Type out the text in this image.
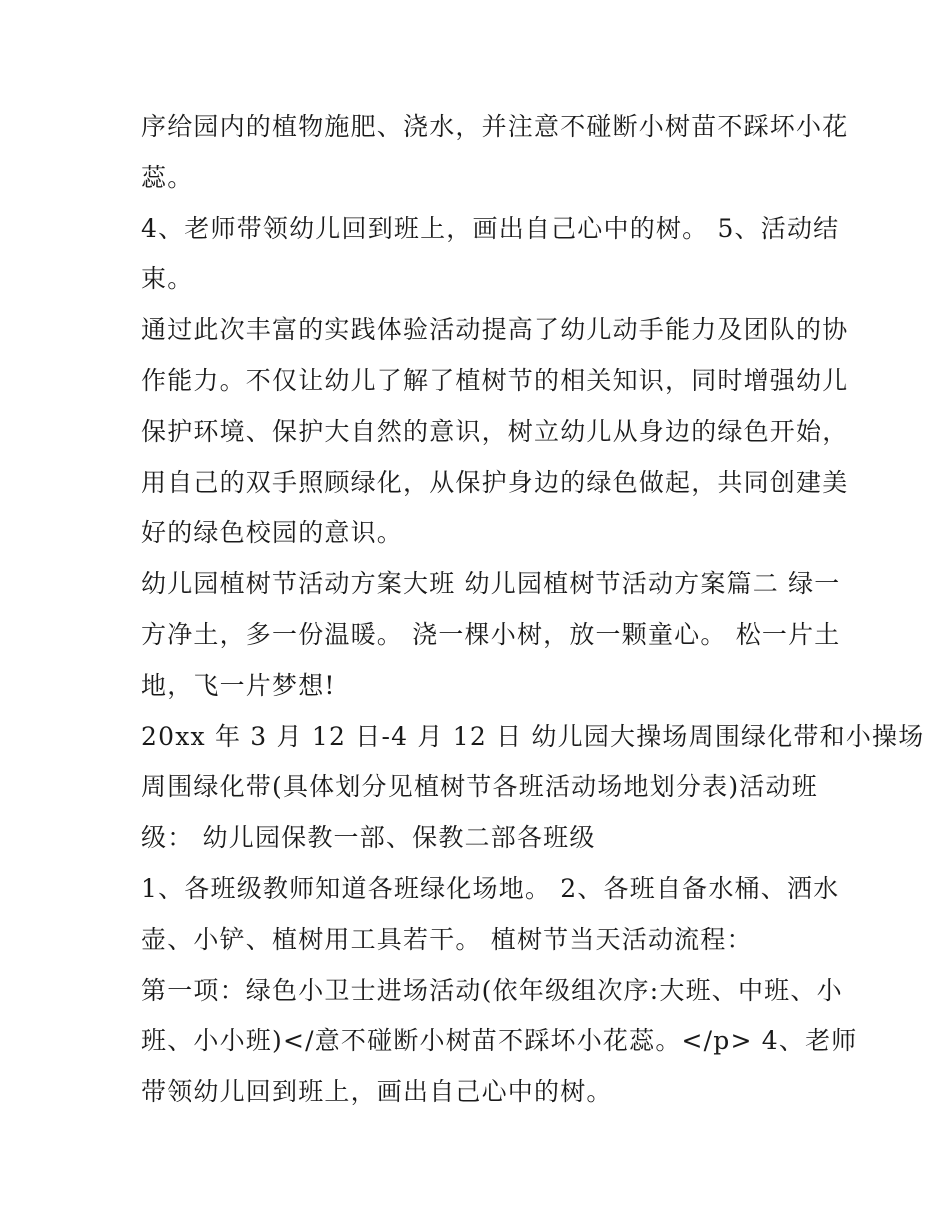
序给园内的植物施肥、浇水，并注意不碰断小树苗不踩坏小花
蕊。
4、老师带领幼儿回到班上，画出自己心中的树。 5、活动结
束。
通过此次丰富的实践体验活动提高了幼儿动手能力及团队的协
作能力。不仅让幼儿了解了植树节的相关知识，同时增强幼儿
保护环境、保护大自然的意识，树立幼儿从身边的绿色开始，
用自己的双手照顾绿化，从保护身边的绿色做起，共同创建美
好的绿色校园的意识。
幼儿园植树节活动方案大班 幼儿园植树节活动方案篇二 绿一
方净土，多一份温暖。 浇一棵小树，放一颗童心。 松一片土
地，飞一片梦想!
20xx 年 3 月 12 日-4 月 12 日 幼儿园大操场周围绿化带和小操场
周围绿化带(具体划分见植树节各班活动场地划分表)活动班
级： 幼儿园保教一部、保教二部各班级
1、各班级教师知道各班绿化场地。 2、各班自备水桶、洒水
壶、小铲、植树用工具若干。 植树节当天活动流程：
第一项：绿色小卫士进场活动(依年级组次序:大班、中班、小
班、小小班)</意不碰断小树苗不踩坏小花蕊。</p> 4、老师
带领幼儿回到班上，画出自己心中的树。
